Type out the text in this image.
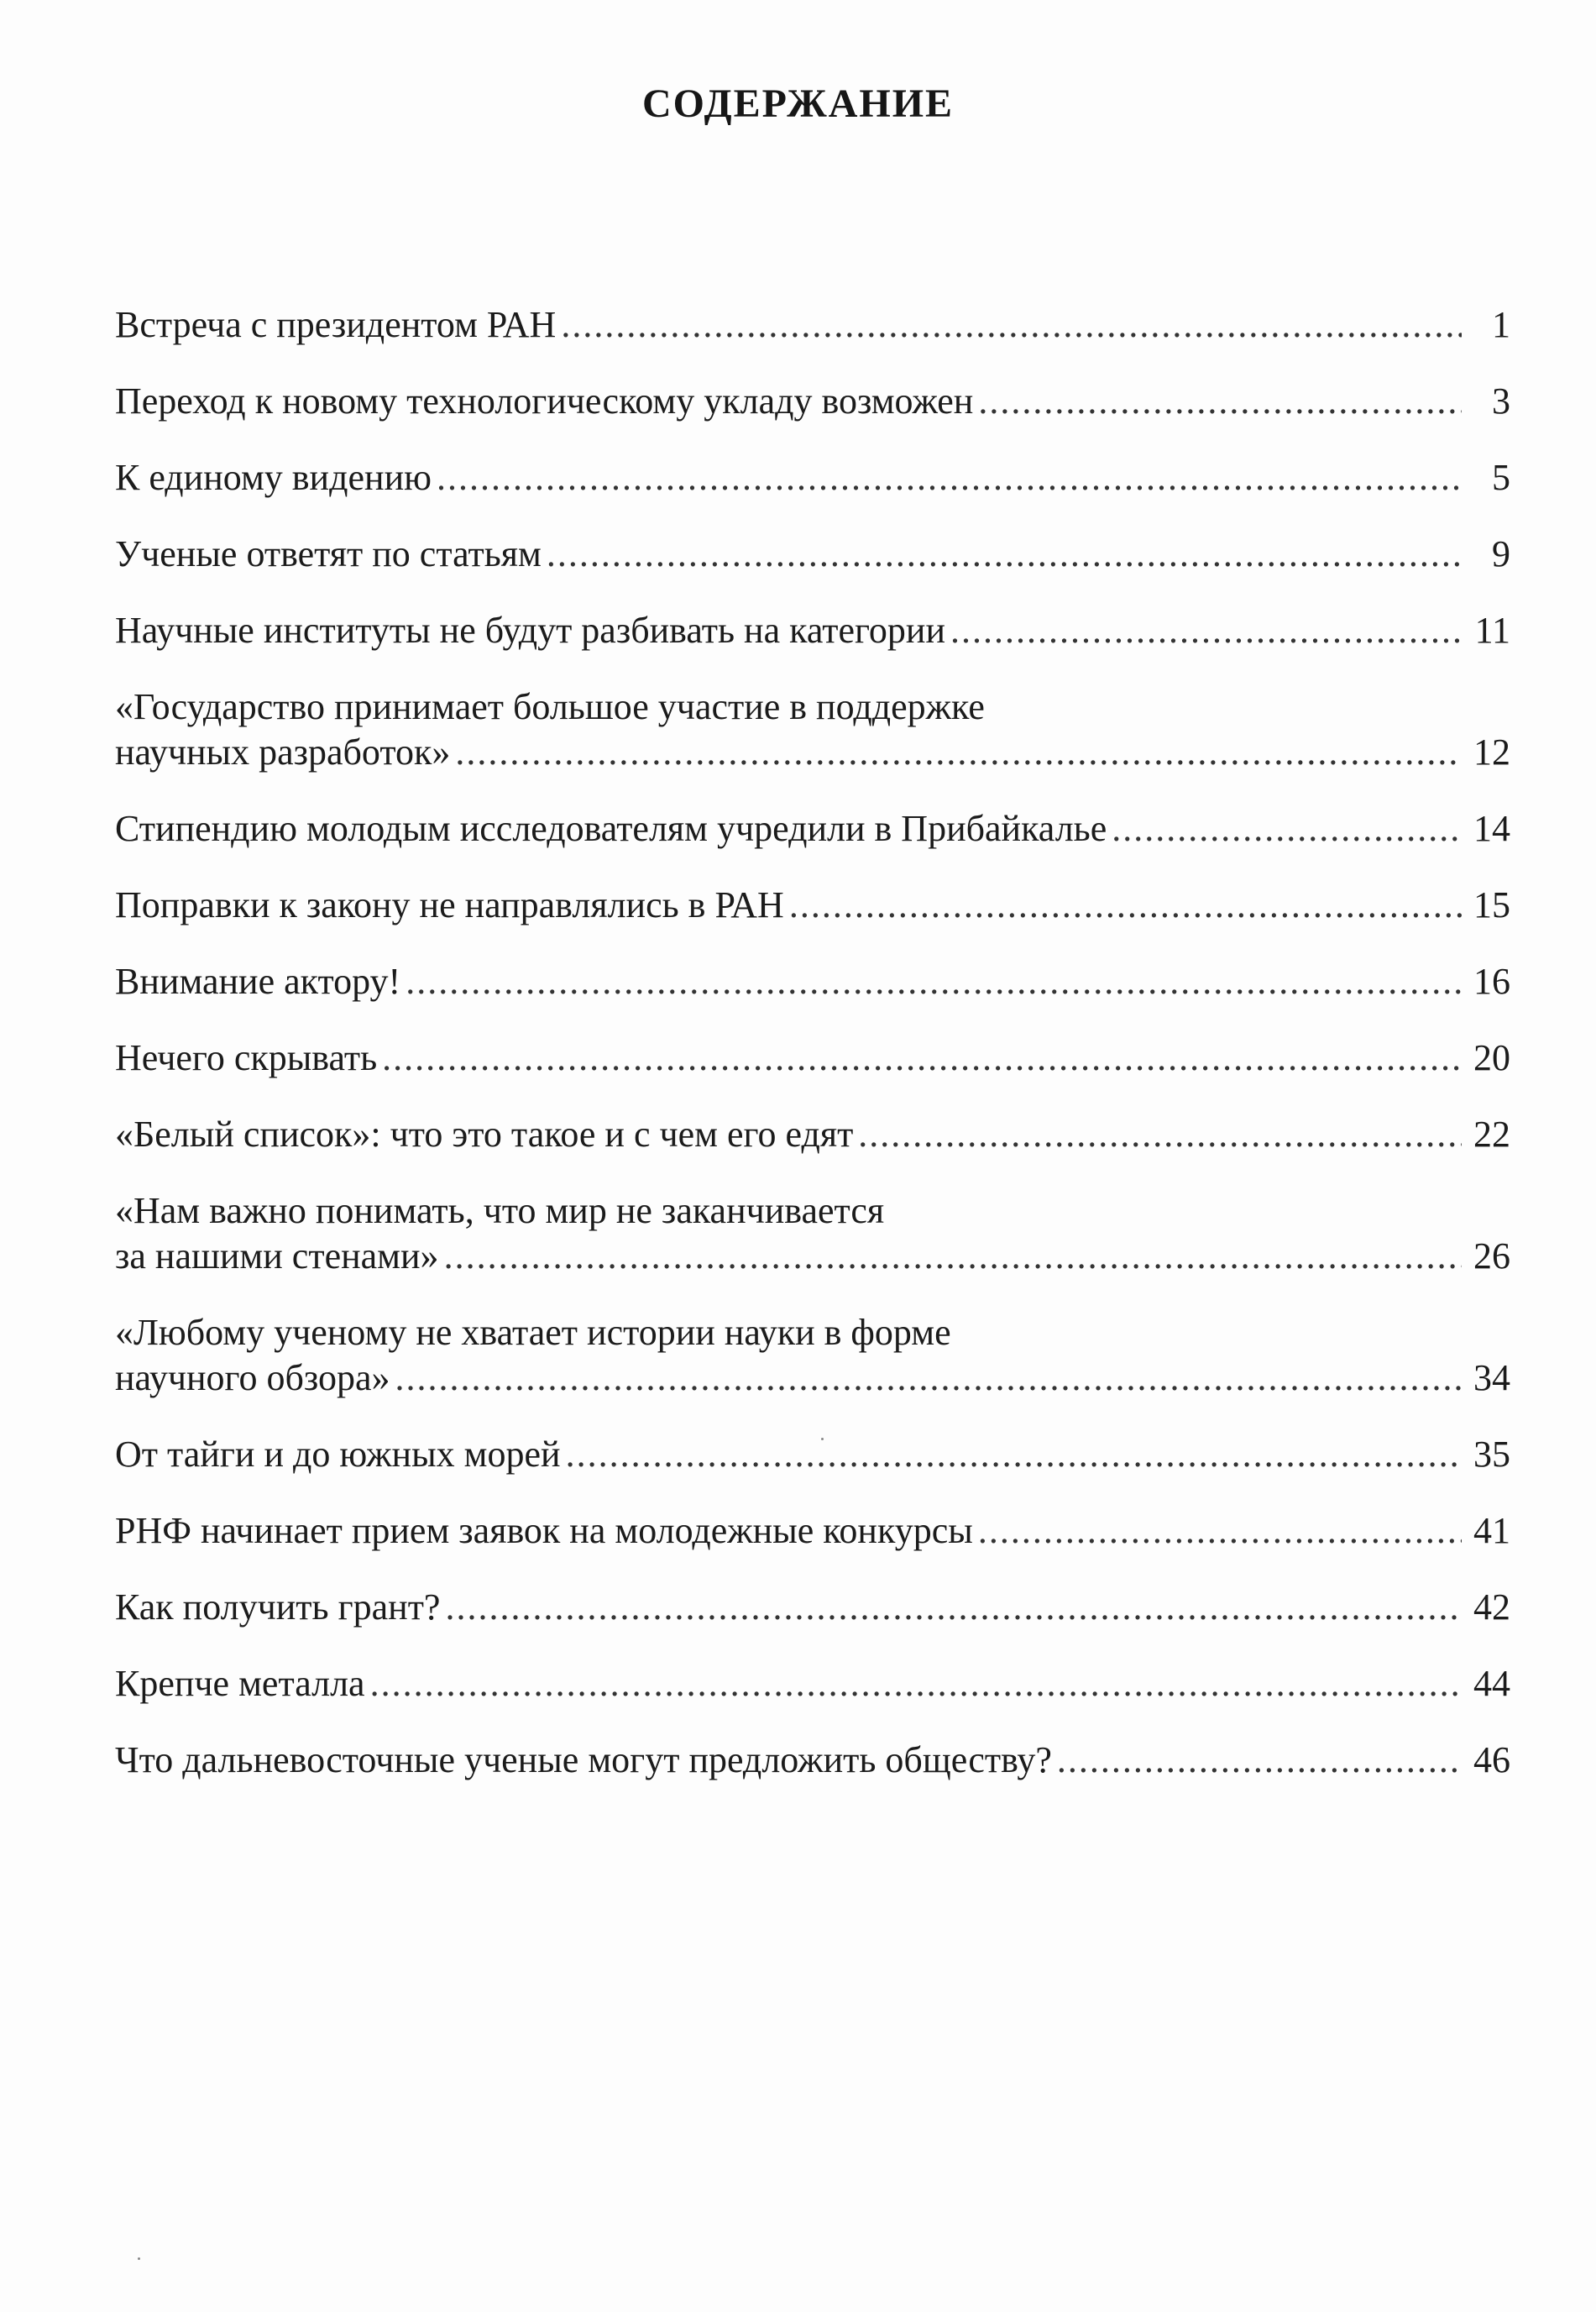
СОДЕРЖАНИЕ
Встреча с президентом РАН .....	1
Переход к новому технологическому укладу возможен .....	3
К единому видению .....	5
Ученые ответят по статьям .....	9
Научные институты не будут разбивать на категории .....	11
«Государство принимает большое участие в поддержке
научных разработок» .....	12
Стипендию молодым исследователям учредили в Прибайкалье .....	14
Поправки к закону не направлялись в РАН .....	15
Внимание актору! .....	16
Нечего скрывать .....	20
«Белый список»: что это такое и с чем его едят .....	22
«Нам важно понимать, что мир не заканчивается
за нашими стенами» .....	26
«Любому ученому не хватает истории науки в форме
научного обзора» .....	34
От тайги и до южных морей .....	35
РНФ начинает прием заявок на молодежные конкурсы .....	41
Как получить грант? .....	42
Крепче металла .....	44
Что дальневосточные ученые могут предложить обществу? .....	46
